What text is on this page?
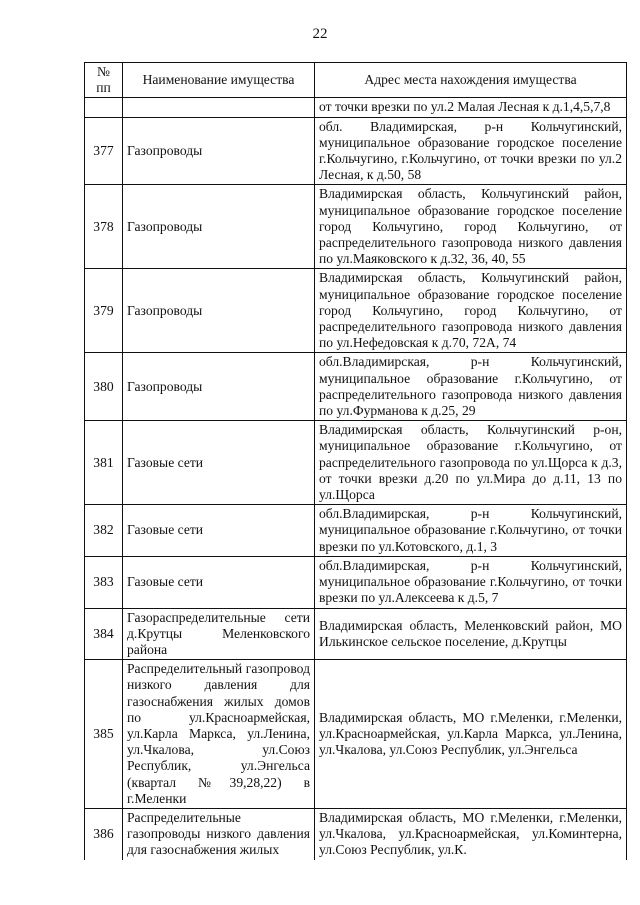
22
№ пп	Наименование имущества	Адрес места нахождения имущества
		от точки врезки по ул.2 Малая Лесная к д.1,4,5,7,8
377	Газопроводы	обл. Владимирская, р-н Кольчугинский, муниципальное образование городское поселение г.Кольчугино, г.Кольчугино, от точки врезки по ул.2 Лесная, к д.50, 58
378	Газопроводы	Владимирская область, Кольчугинский район, муниципальное образование городское поселение город Кольчугино, город Кольчугино, от распределительного газопровода низкого давления по ул.Маяковского к д.32, 36, 40, 55
379	Газопроводы	Владимирская область, Кольчугинский район, муниципальное образование городское поселение город Кольчугино, город Кольчугино, от распределительного газопровода низкого давления по ул.Нефедовская к д.70, 72А, 74
380	Газопроводы	обл.Владимирская, р-н Кольчугинский, муниципальное образование г.Кольчугино, от распределительного газопровода низкого давления по ул.Фурманова к д.25, 29
381	Газовые сети	Владимирская область, Кольчугинский р-он, муниципальное образование г.Кольчугино, от распределительного газопровода по ул.Щорса к д.3, от точки врезки д.20 по ул.Мира до д.11, 13 по ул.Щорса
382	Газовые сети	обл.Владимирская, р-н Кольчугинский, муниципальное образование г.Кольчугино, от точки врезки по ул.Котовского, д.1, 3
383	Газовые сети	обл.Владимирская, р-н Кольчугинский, муниципальное образование г.Кольчугино, от точки врезки по ул.Алексеева к д.5, 7
384	Газораспределительные сети д.Крутцы Меленковского района	Владимирская область, Меленковский район, МО Илькинское сельское поселение, д.Крутцы
385	Распределительный газопровод низкого давления для газоснабжения жилых домов по ул.Красноармейская, ул.Карла Маркса, ул.Ленина, ул.Чкалова, ул.Союз Республик, ул.Энгельса (квартал №39,28,22) в г.Меленки	Владимирская область, МО г.Меленки, г.Меленки, ул.Красноармейская, ул.Карла Маркса, ул.Ленина, ул.Чкалова, ул.Союз Республик, ул.Энгельса
386	Распределительные газопроводы низкого давления для газоснабжения жилых	Владимирская область, МО г.Меленки, г.Меленки, ул.Чкалова, ул.Красноармейская, ул.Коминтерна, ул.Союз Республик, ул.К.
